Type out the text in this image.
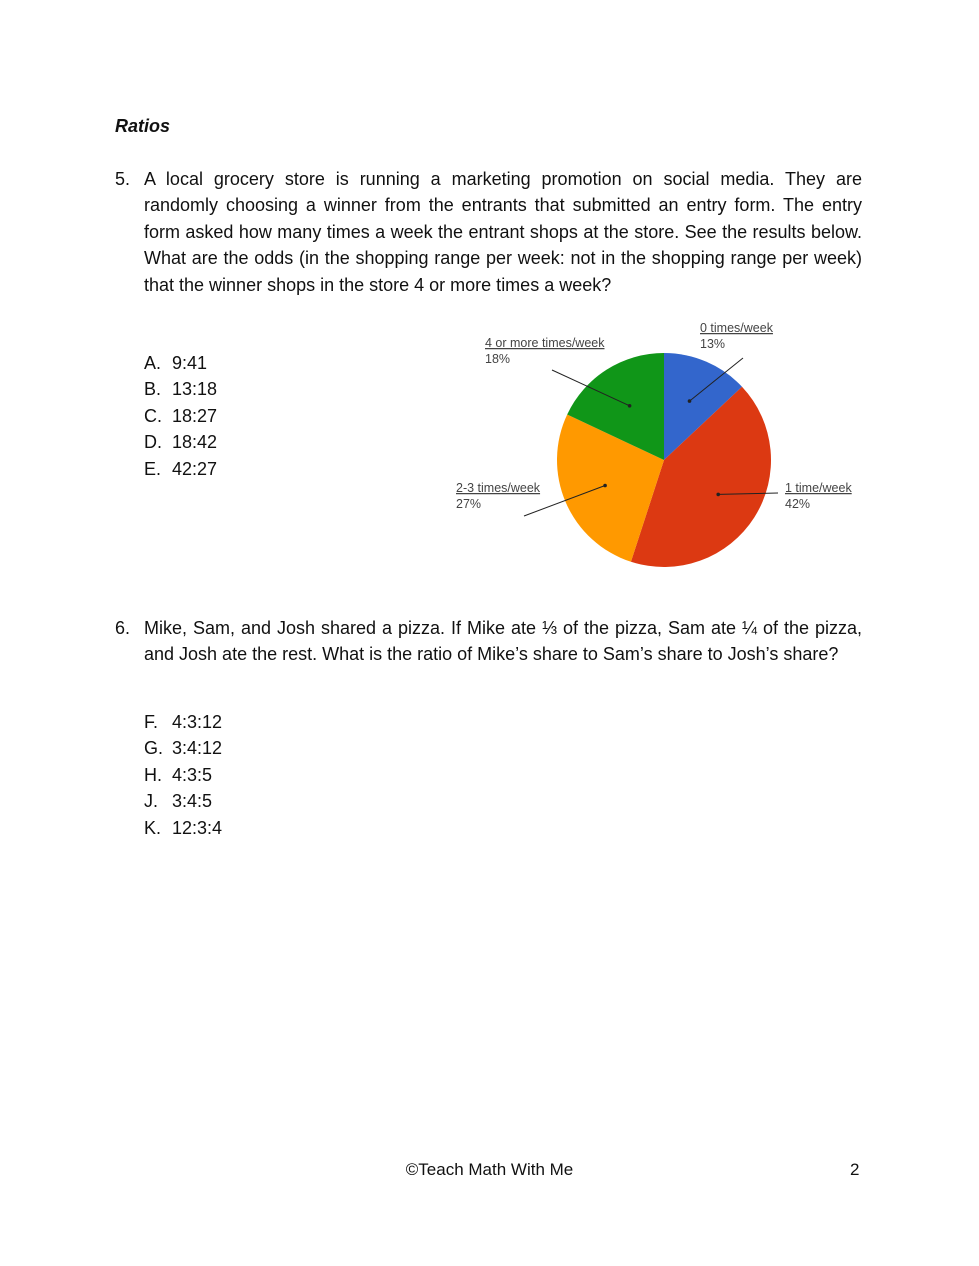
Ratios
5. A local grocery store is running a marketing promotion on social media. They are randomly choosing a winner from the entrants that submitted an entry form. The entry form asked how many times a week the entrant shops at the store. See the results below. What are the odds (in the shopping range per week: not in the shopping range per week) that the winner shops in the store 4 or more times a week?
A. 9:41
B. 13:18
C. 18:27
D. 18:42
E. 42:27
0 times/week
13%
1 time/week
42%
2-3 times/week
27%
4 or more times/week
18%
6. Mike, Sam, and Josh shared a pizza. If Mike ate ⅓ of the pizza, Sam ate ¼ of the pizza, and Josh ate the rest. What is the ratio of Mike’s share to Sam’s share to Josh’s share?
F. 4:3:12
G. 3:4:12
H. 4:3:5
J. 3:4:5
K. 12:3:4
©Teach Math With Me	2
